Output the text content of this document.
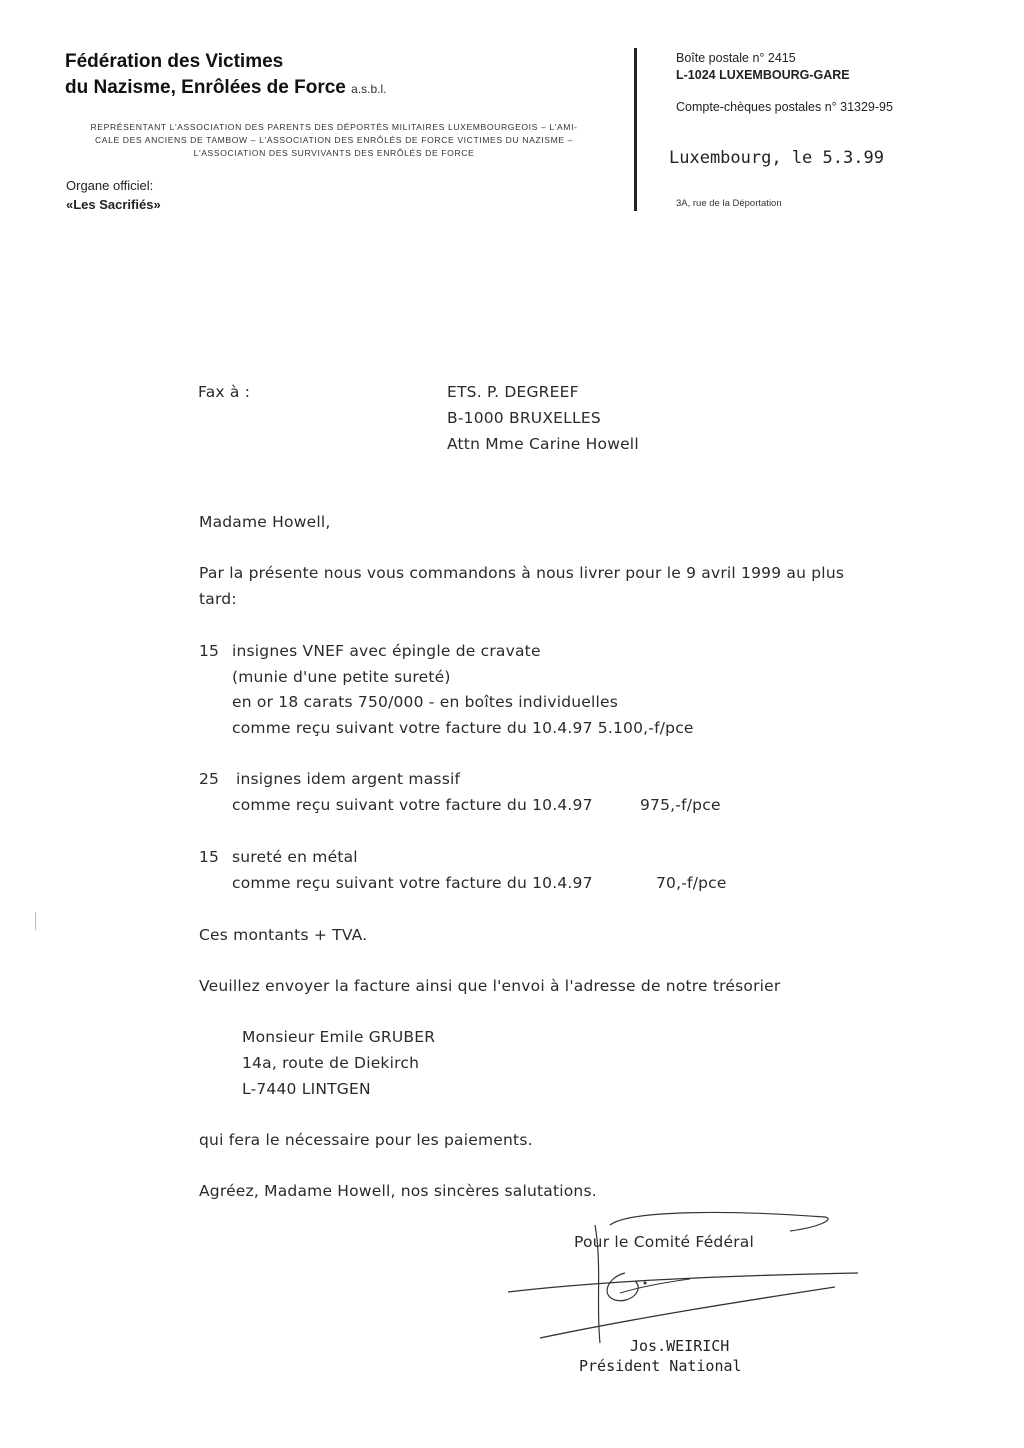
Fédération des Victimes
du Nazisme, Enrôlées de Force a.s.b.l.
REPRÉSENTANT L'ASSOCIATION DES PARENTS DES DÉPORTÉS MILITAIRES LUXEMBOURGEOIS – L'AMI-
CALE DES ANCIENS DE TAMBOW – L'ASSOCIATION DES ENRÔLÉS DE FORCE VICTIMES DU NAZISME –
L'ASSOCIATION DES SURVIVANTS DES ENRÔLÉS DE FORCE
Organe officiel:
«Les Sacrifiés»
Boîte postale n° 2415
L-1024 LUXEMBOURG-GARE
Compte-chèques postales n° 31329-95
Luxembourg, le 5.3.99
3A, rue de la Déportation
Fax à :	ETS. P. DEGREEF
B-1000 BRUXELLES
Attn Mme Carine Howell
Madame Howell,
Par la présente nous vous commandons à nous livrer pour le 9 avril 1999 au plus
tard:
15 insignes VNEF avec épingle de cravate
(munie d'une petite sureté)
en or 18 carats 750/000 - en boîtes individuelles
comme reçu suivant votre facture du 10.4.97 5.100,-f/pce
25 insignes idem argent massif
comme reçu suivant votre facture du 10.4.97	975,-f/pce
15 sureté en métal
comme reçu suivant votre facture du 10.4.97	70,-f/pce
Ces montants + TVA.
Veuillez envoyer la facture ainsi que l'envoi à l'adresse de notre trésorier
Monsieur Emile GRUBER
14a, route de Diekirch
L-7440 LINTGEN
qui fera le nécessaire pour les paiements.
Agréez, Madame Howell, nos sincères salutations.
Pour le Comité Fédéral
Jos.WEIRICH
Président National
